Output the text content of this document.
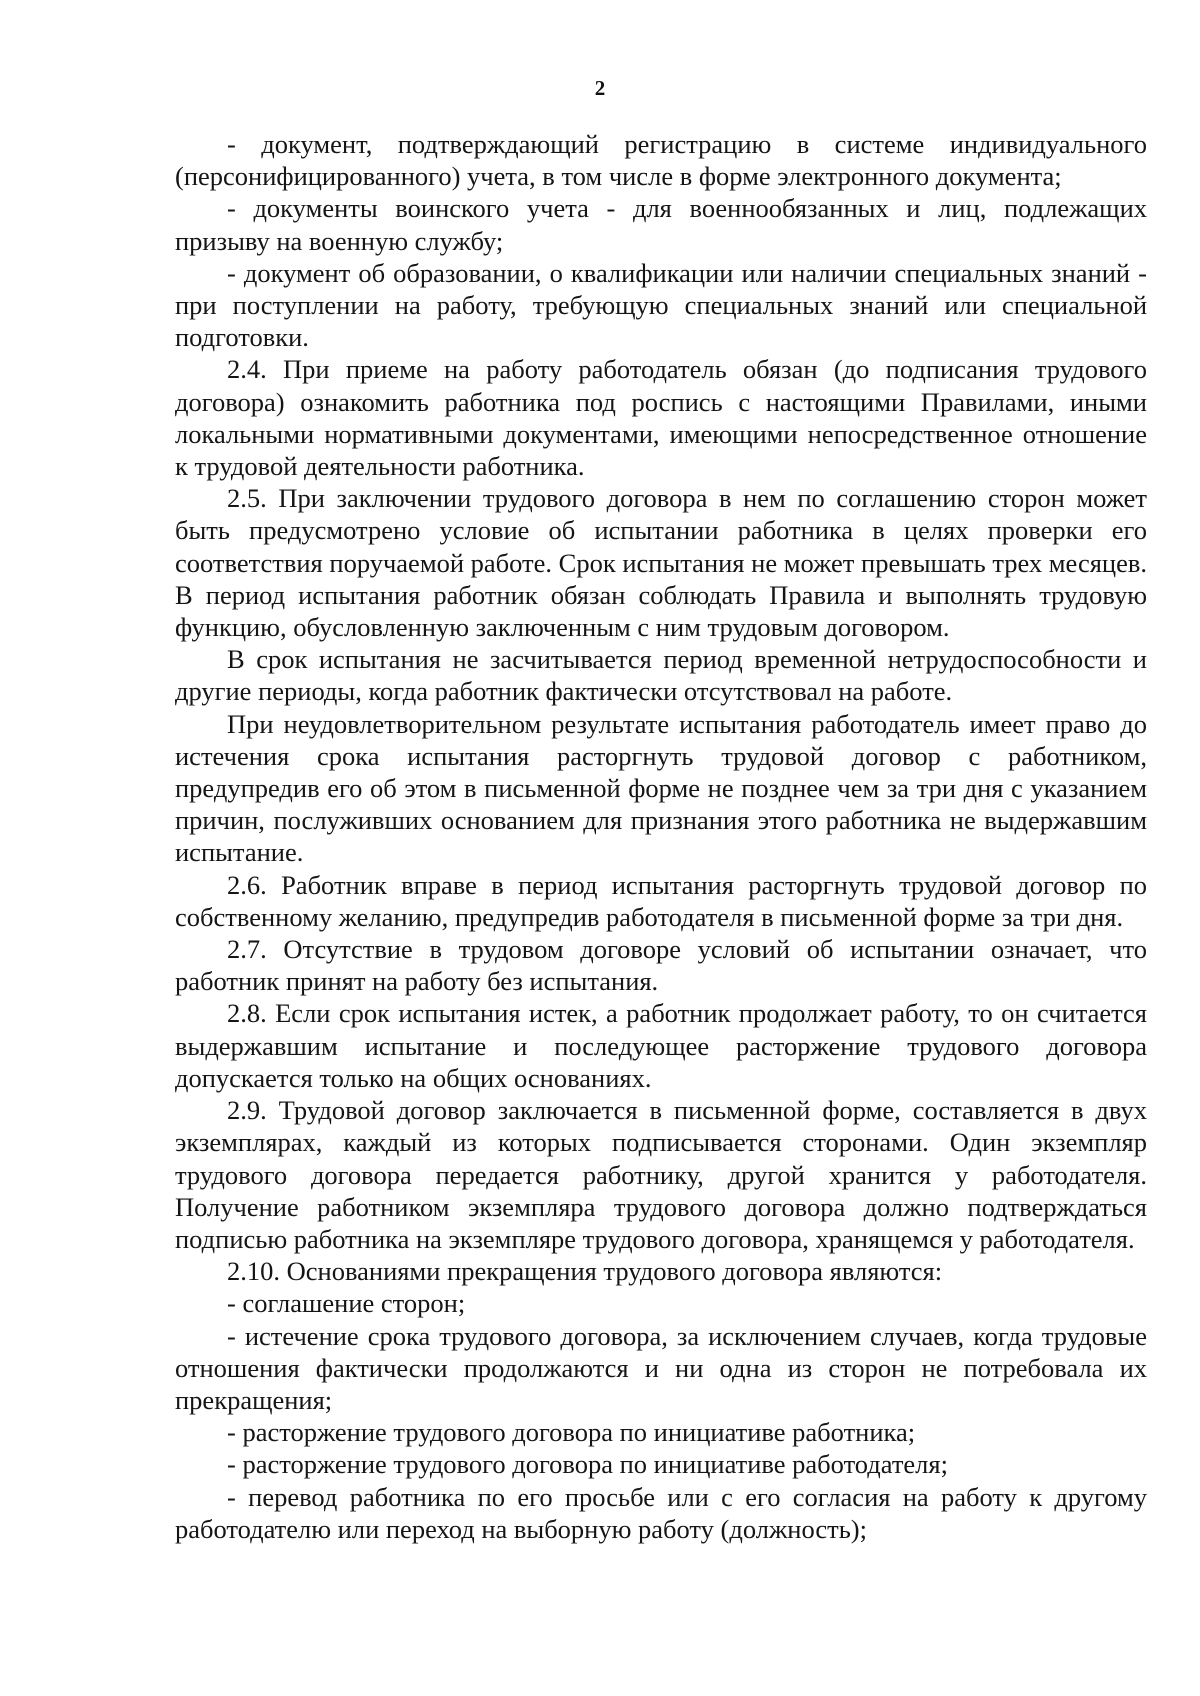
2

- документ, подтверждающий регистрацию в системе индивидуального (персонифицированного) учета, в том числе в форме электронного документа;

- документы воинского учета - для военнообязанных и лиц, подлежащих призыву на военную службу;

- документ об образовании, о квалификации или наличии специальных знаний - при поступлении на работу, требующую специальных знаний или специальной подготовки.

2.4. При приеме на работу работодатель обязан (до подписания трудового договора) ознакомить работника под роспись с настоящими Правилами, иными локальными нормативными документами, имеющими непосредственное отношение к трудовой деятельности работника.

2.5. При заключении трудового договора в нем по соглашению сторон может быть предусмотрено условие об испытании работника в целях проверки его соответствия поручаемой работе. Срок испытания не может превышать трех месяцев. В период испытания работник обязан соблюдать Правила и выполнять трудовую функцию, обусловленную заключенным с ним трудовым договором.

В срок испытания не засчитывается период временной нетрудоспособности и другие периоды, когда работник фактически отсутствовал на работе.

При неудовлетворительном результате испытания работодатель имеет право до истечения срока испытания расторгнуть трудовой договор с работником, предупредив его об этом в письменной форме не позднее чем за три дня с указанием причин, послуживших основанием для признания этого работника не выдержавшим испытание.

2.6. Работник вправе в период испытания расторгнуть трудовой договор по собственному желанию, предупредив работодателя в письменной форме за три дня.

2.7. Отсутствие в трудовом договоре условий об испытании означает, что работник принят на работу без испытания.

2.8. Если срок испытания истек, а работник продолжает работу, то он считается выдержавшим испытание и последующее расторжение трудового договора допускается только на общих основаниях.

2.9. Трудовой договор заключается в письменной форме, составляется в двух экземплярах, каждый из которых подписывается сторонами. Один экземпляр трудового договора передается работнику, другой хранится у работодателя. Получение работником экземпляра трудового договора должно подтверждаться подписью работника на экземпляре трудового договора, хранящемся у работодателя.

2.10. Основаниями прекращения трудового договора являются:

- соглашение сторон;

- истечение срока трудового договора, за исключением случаев, когда трудовые отношения фактически продолжаются и ни одна из сторон не потребовала их прекращения;

- расторжение трудового договора по инициативе работника;

- расторжение трудового договора по инициативе работодателя;

- перевод работника по его просьбе или с его согласия на работу к другому работодателю или переход на выборную работу (должность);
